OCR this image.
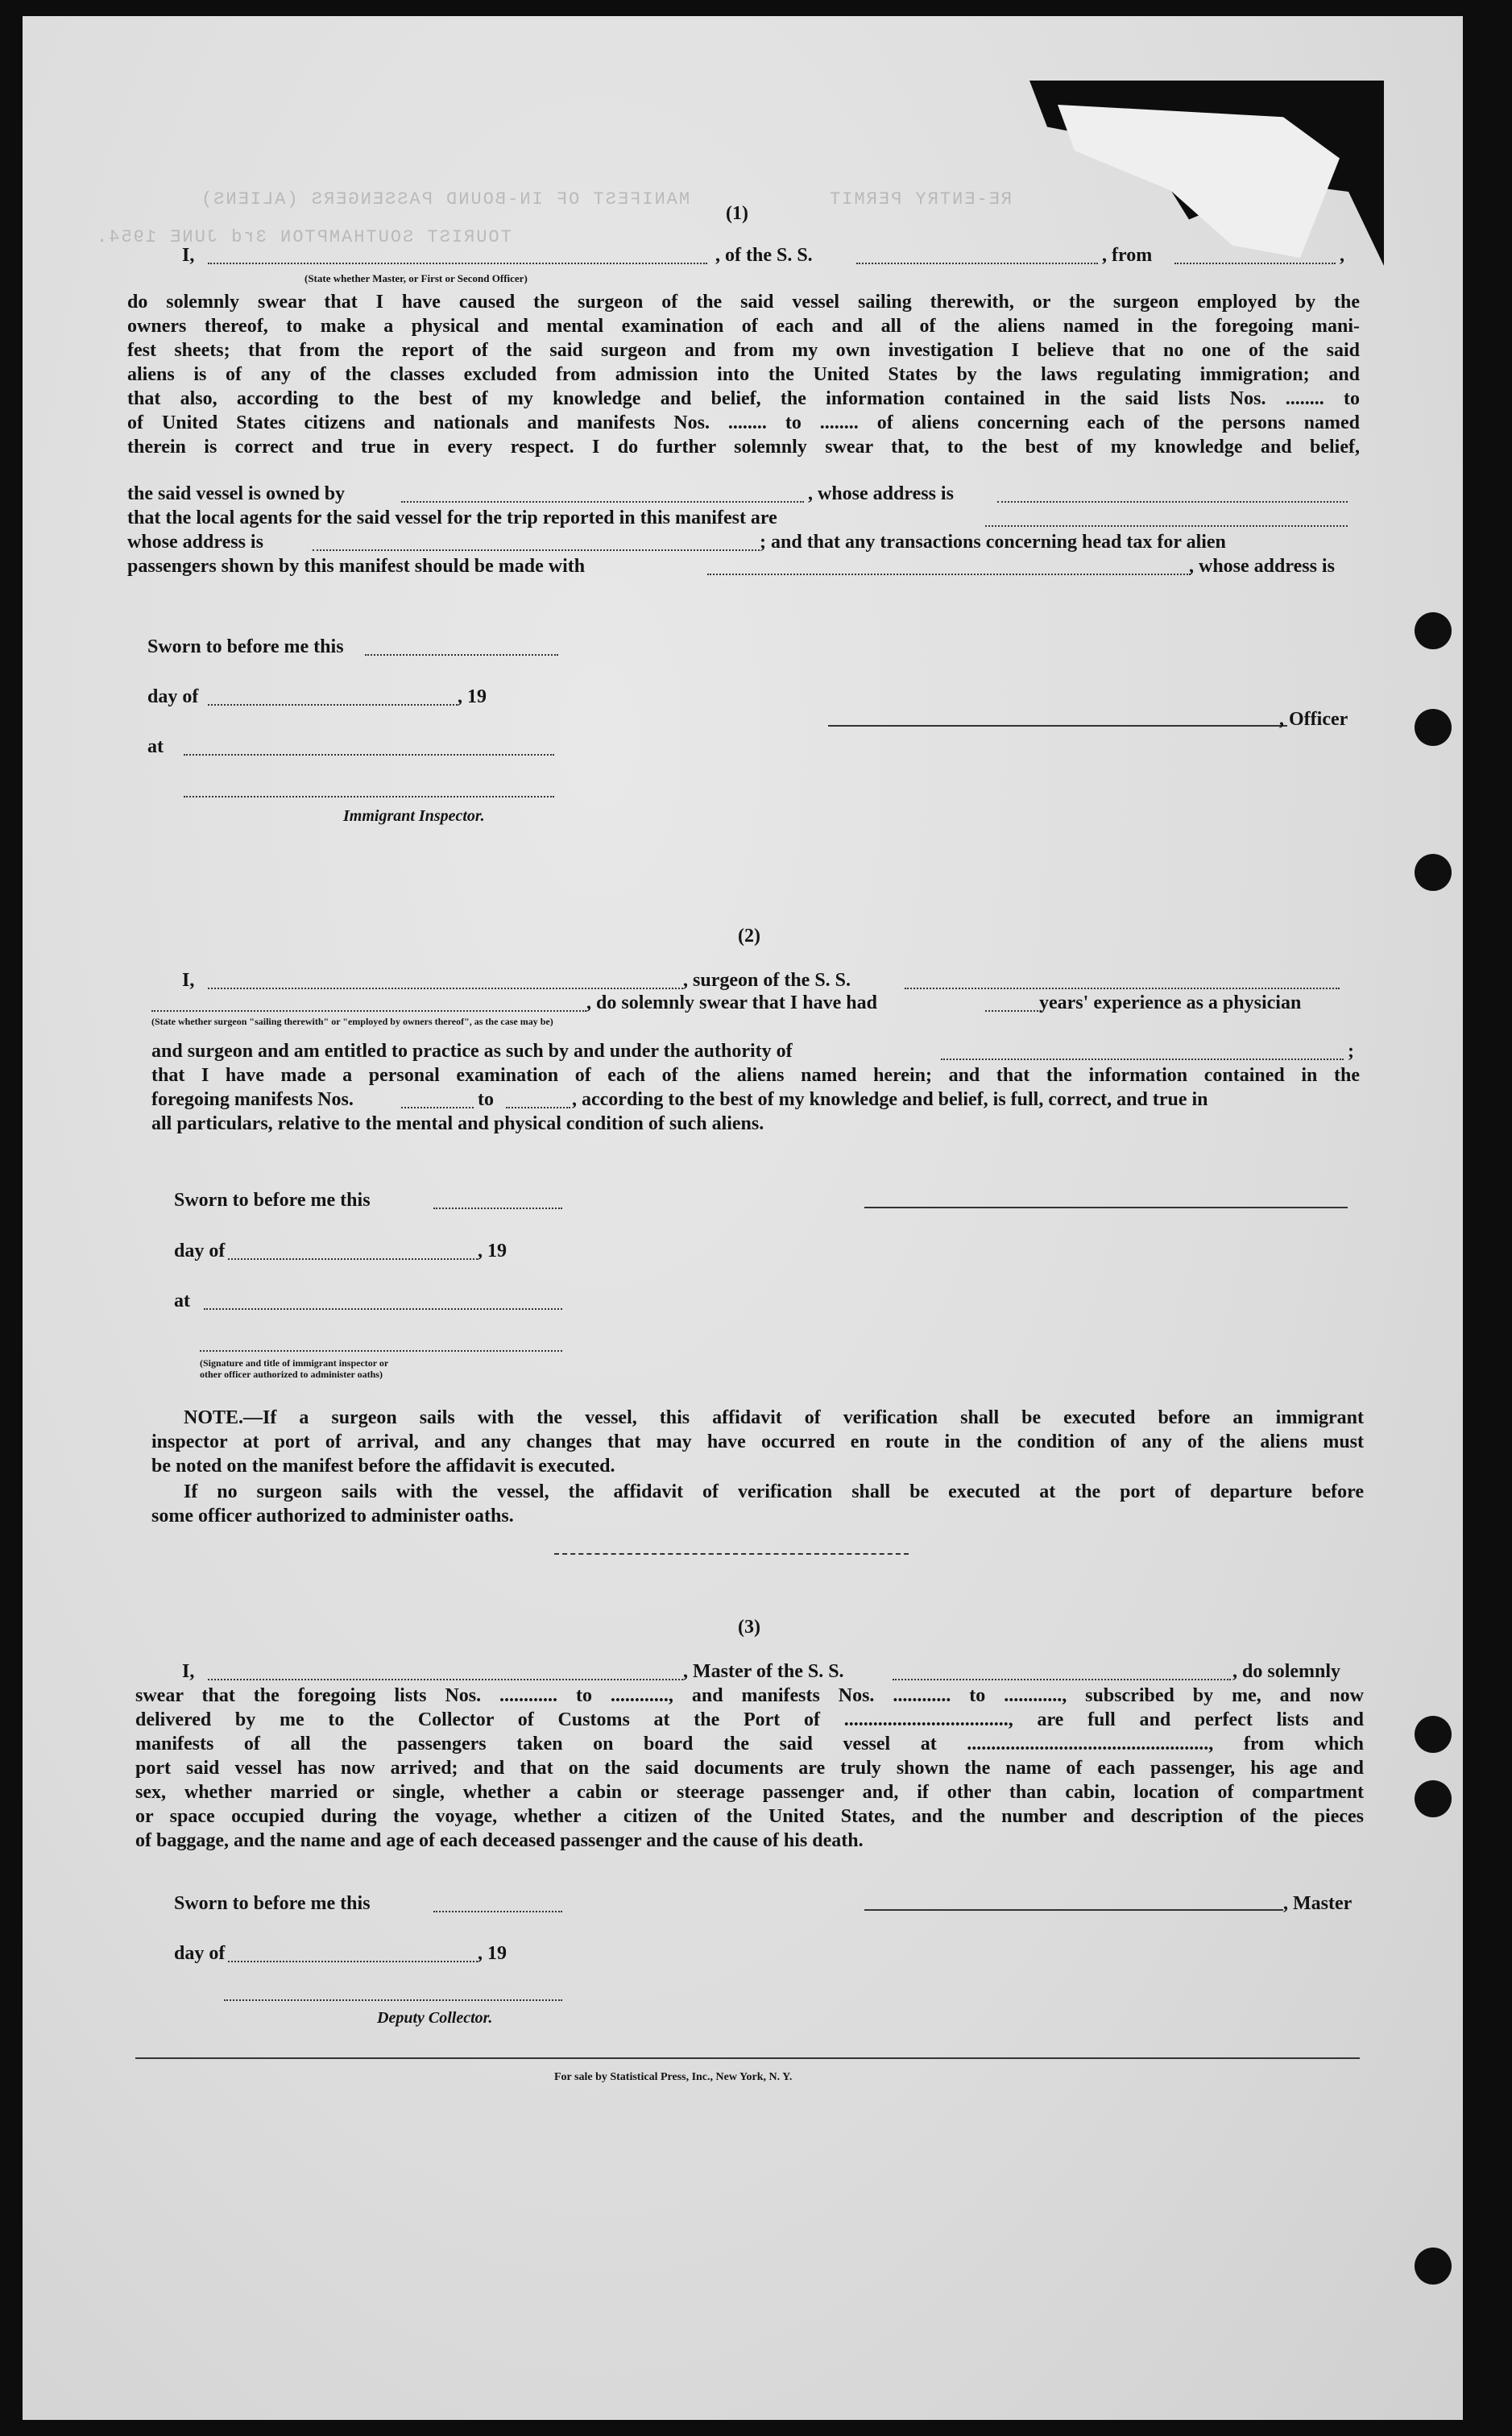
MANIFEST OF IN-BOUND PASSENGERS (ALIENS)
TOURIST SOUTHAMPTON 3rd JUNE 1954.
RE-ENTRY PERMIT
(1)
I,	, of the S. S.	, from	,
(State whether Master, or First or Second Officer)
do solemnly swear that I have caused the surgeon of the said vessel sailing therewith, or the surgeon employed by the
owners thereof, to make a physical and mental examination of each and all of the aliens named in the foregoing mani-
fest sheets; that from the report of the said surgeon and from my own investigation I believe that no one of the said
aliens is of any of the classes excluded from admission into the United States by the laws regulating immigration; and
that also, according to the best of my knowledge and belief, the information contained in the said lists Nos. ........ to
of United States citizens and nationals and manifests Nos. ........ to ........ of aliens concerning each of the persons named
therein is correct and true in every respect. I do further solemnly swear that, to the best of my knowledge and belief,
the said vessel is owned by	, whose address is
that the local agents for the said vessel for the trip reported in this manifest are
whose address is	; and that any transactions concerning head tax for alien
passengers shown by this manifest should be made with	, whose address is
Sworn to before me this
day of	, 19
at
, Officer
Immigrant Inspector.
(2)
I,	, surgeon of the S. S.
, do solemnly swear that I have had	years' experience as a physician
(State whether surgeon "sailing therewith" or "employed by owners thereof", as the case may be)
and surgeon and am entitled to practice as such by and under the authority of	;
that I have made a personal examination of each of the aliens named herein; and that the information contained in the
foregoing manifests Nos.	to	, according to the best of my knowledge and belief, is full, correct, and true in
all particulars, relative to the mental and physical condition of such aliens.
Sworn to before me this
day of	, 19
at
(Signature and title of immigrant inspector or
other officer authorized to administer oaths)
NOTE.—If a surgeon sails with the vessel, this affidavit of verification shall be executed before an immigrant
inspector at port of arrival, and any changes that may have occurred en route in the condition of any of the aliens must
be noted on the manifest before the affidavit is executed.
If no surgeon sails with the vessel, the affidavit of verification shall be executed at the port of departure before
some officer authorized to administer oaths.
(3)
I,	, Master of the S. S.	, do solemnly
swear that the foregoing lists Nos. ............ to ............, and manifests Nos. ............ to ............, subscribed by me, and now
delivered by me to the Collector of Customs at the Port of .................................., are full and perfect lists and
manifests of all the passengers taken on board the said vessel at .................................................., from which
port said vessel has now arrived; and that on the said documents are truly shown the name of each passenger, his age and
sex, whether married or single, whether a cabin or steerage passenger and, if other than cabin, location of compartment
or space occupied during the voyage, whether a citizen of the United States, and the number and description of the pieces
of baggage, and the name and age of each deceased passenger and the cause of his death.
Sworn to before me this	, Master
day of	, 19
Deputy Collector.
For sale by Statistical Press, Inc., New York, N. Y.
